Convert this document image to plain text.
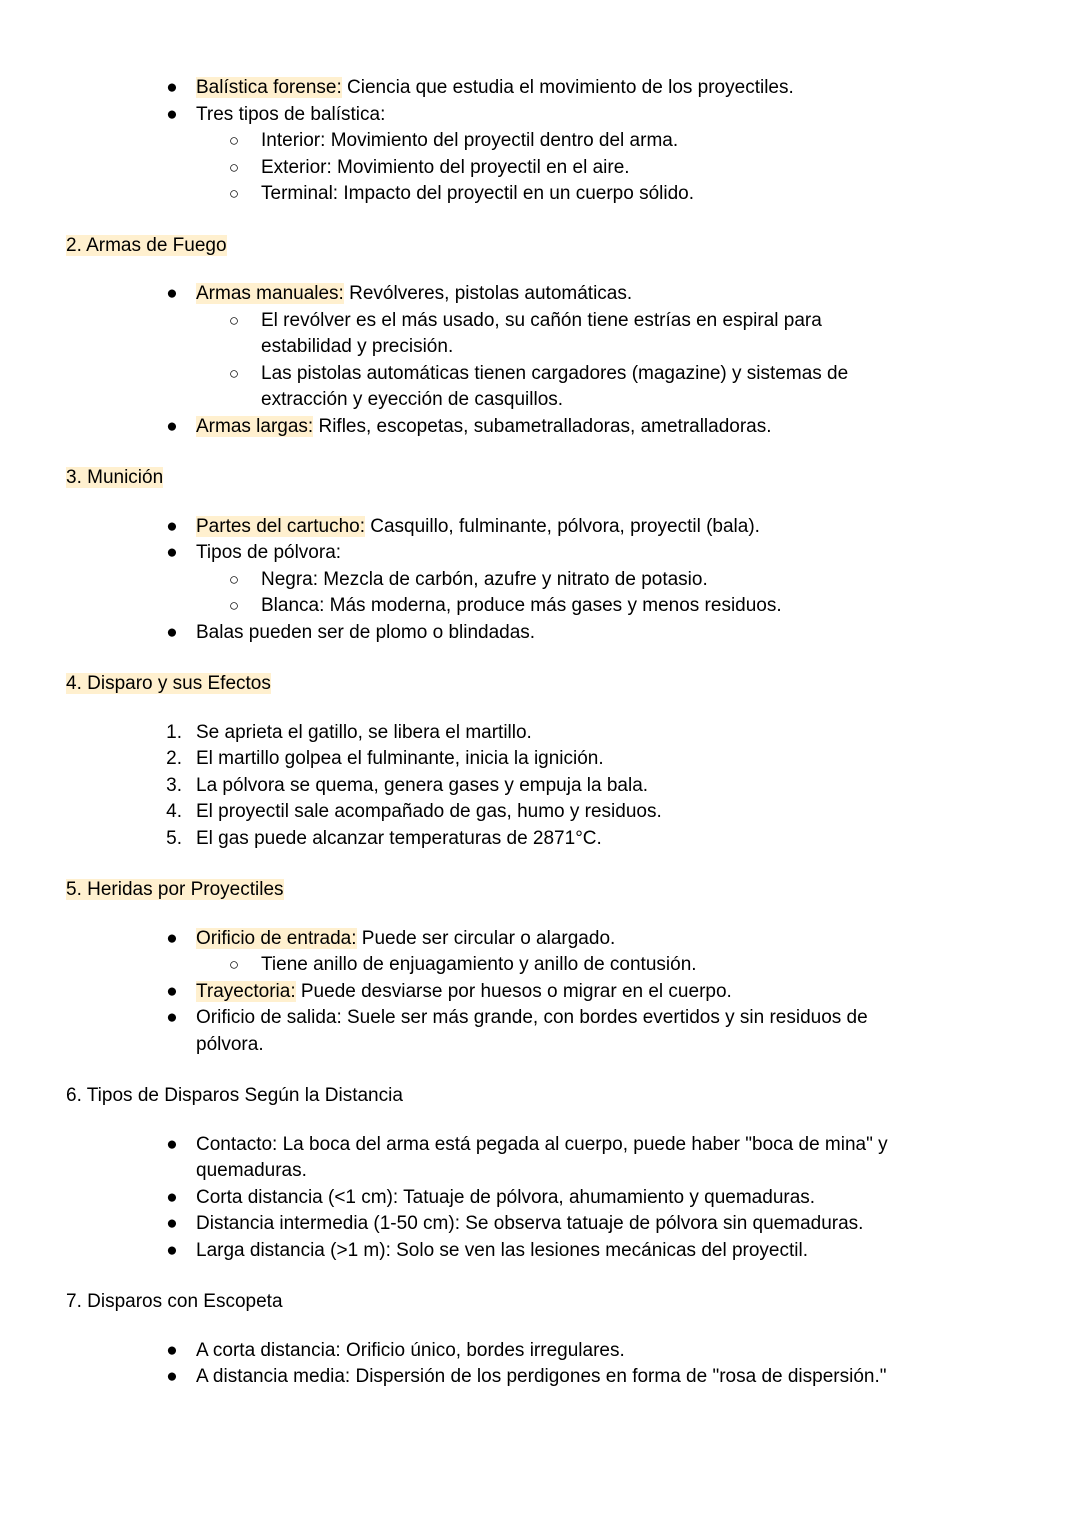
● Balística forense: Ciencia que estudia el movimiento de los proyectiles.
● Tres tipos de balística:
○	Interior: Movimiento del proyectil dentro del arma.
○	Exterior: Movimiento del proyectil en el aire.
○	Terminal: Impacto del proyectil en un cuerpo sólido.
2. Armas de Fuego
● Armas manuales: Revólveres, pistolas automáticas.
○	El revólver es el más usado, su cañón tiene estrías en espiral para
estabilidad y precisión.
○	Las pistolas automáticas tienen cargadores (magazine) y sistemas de
extracción y eyección de casquillos.
● Armas largas: Rifles, escopetas, subametralladoras, ametralladoras.
3. Munición
● Partes del cartucho: Casquillo, fulminante, pólvora, proyectil (bala).
● Tipos de pólvora:
○	Negra: Mezcla de carbón, azufre y nitrato de potasio.
○	Blanca: Más moderna, produce más gases y menos residuos.
● Balas pueden ser de plomo o blindadas.
4. Disparo y sus Efectos
1. Se aprieta el gatillo, se libera el martillo.
2. El martillo golpea el fulminante, inicia la ignición.
3. La pólvora se quema, genera gases y empuja la bala.
4. El proyectil sale acompañado de gas, humo y residuos.
5. El gas puede alcanzar temperaturas de 2871°C.
5. Heridas por Proyectiles
● Orificio de entrada: Puede ser circular o alargado.
○	Tiene anillo de enjuagamiento y anillo de contusión.
● Trayectoria: Puede desviarse por huesos o migrar en el cuerpo.
● Orificio de salida: Suele ser más grande, con bordes evertidos y sin residuos de
pólvora.
6. Tipos de Disparos Según la Distancia
● Contacto: La boca del arma está pegada al cuerpo, puede haber "boca de mina" y
quemaduras.
● Corta distancia (<1 cm): Tatuaje de pólvora, ahumamiento y quemaduras.
● Distancia intermedia (1-50 cm): Se observa tatuaje de pólvora sin quemaduras.
● Larga distancia (>1 m): Solo se ven las lesiones mecánicas del proyectil.
7. Disparos con Escopeta
● A corta distancia: Orificio único, bordes irregulares.
● A distancia media: Dispersión de los perdigones en forma de "rosa de dispersión."
